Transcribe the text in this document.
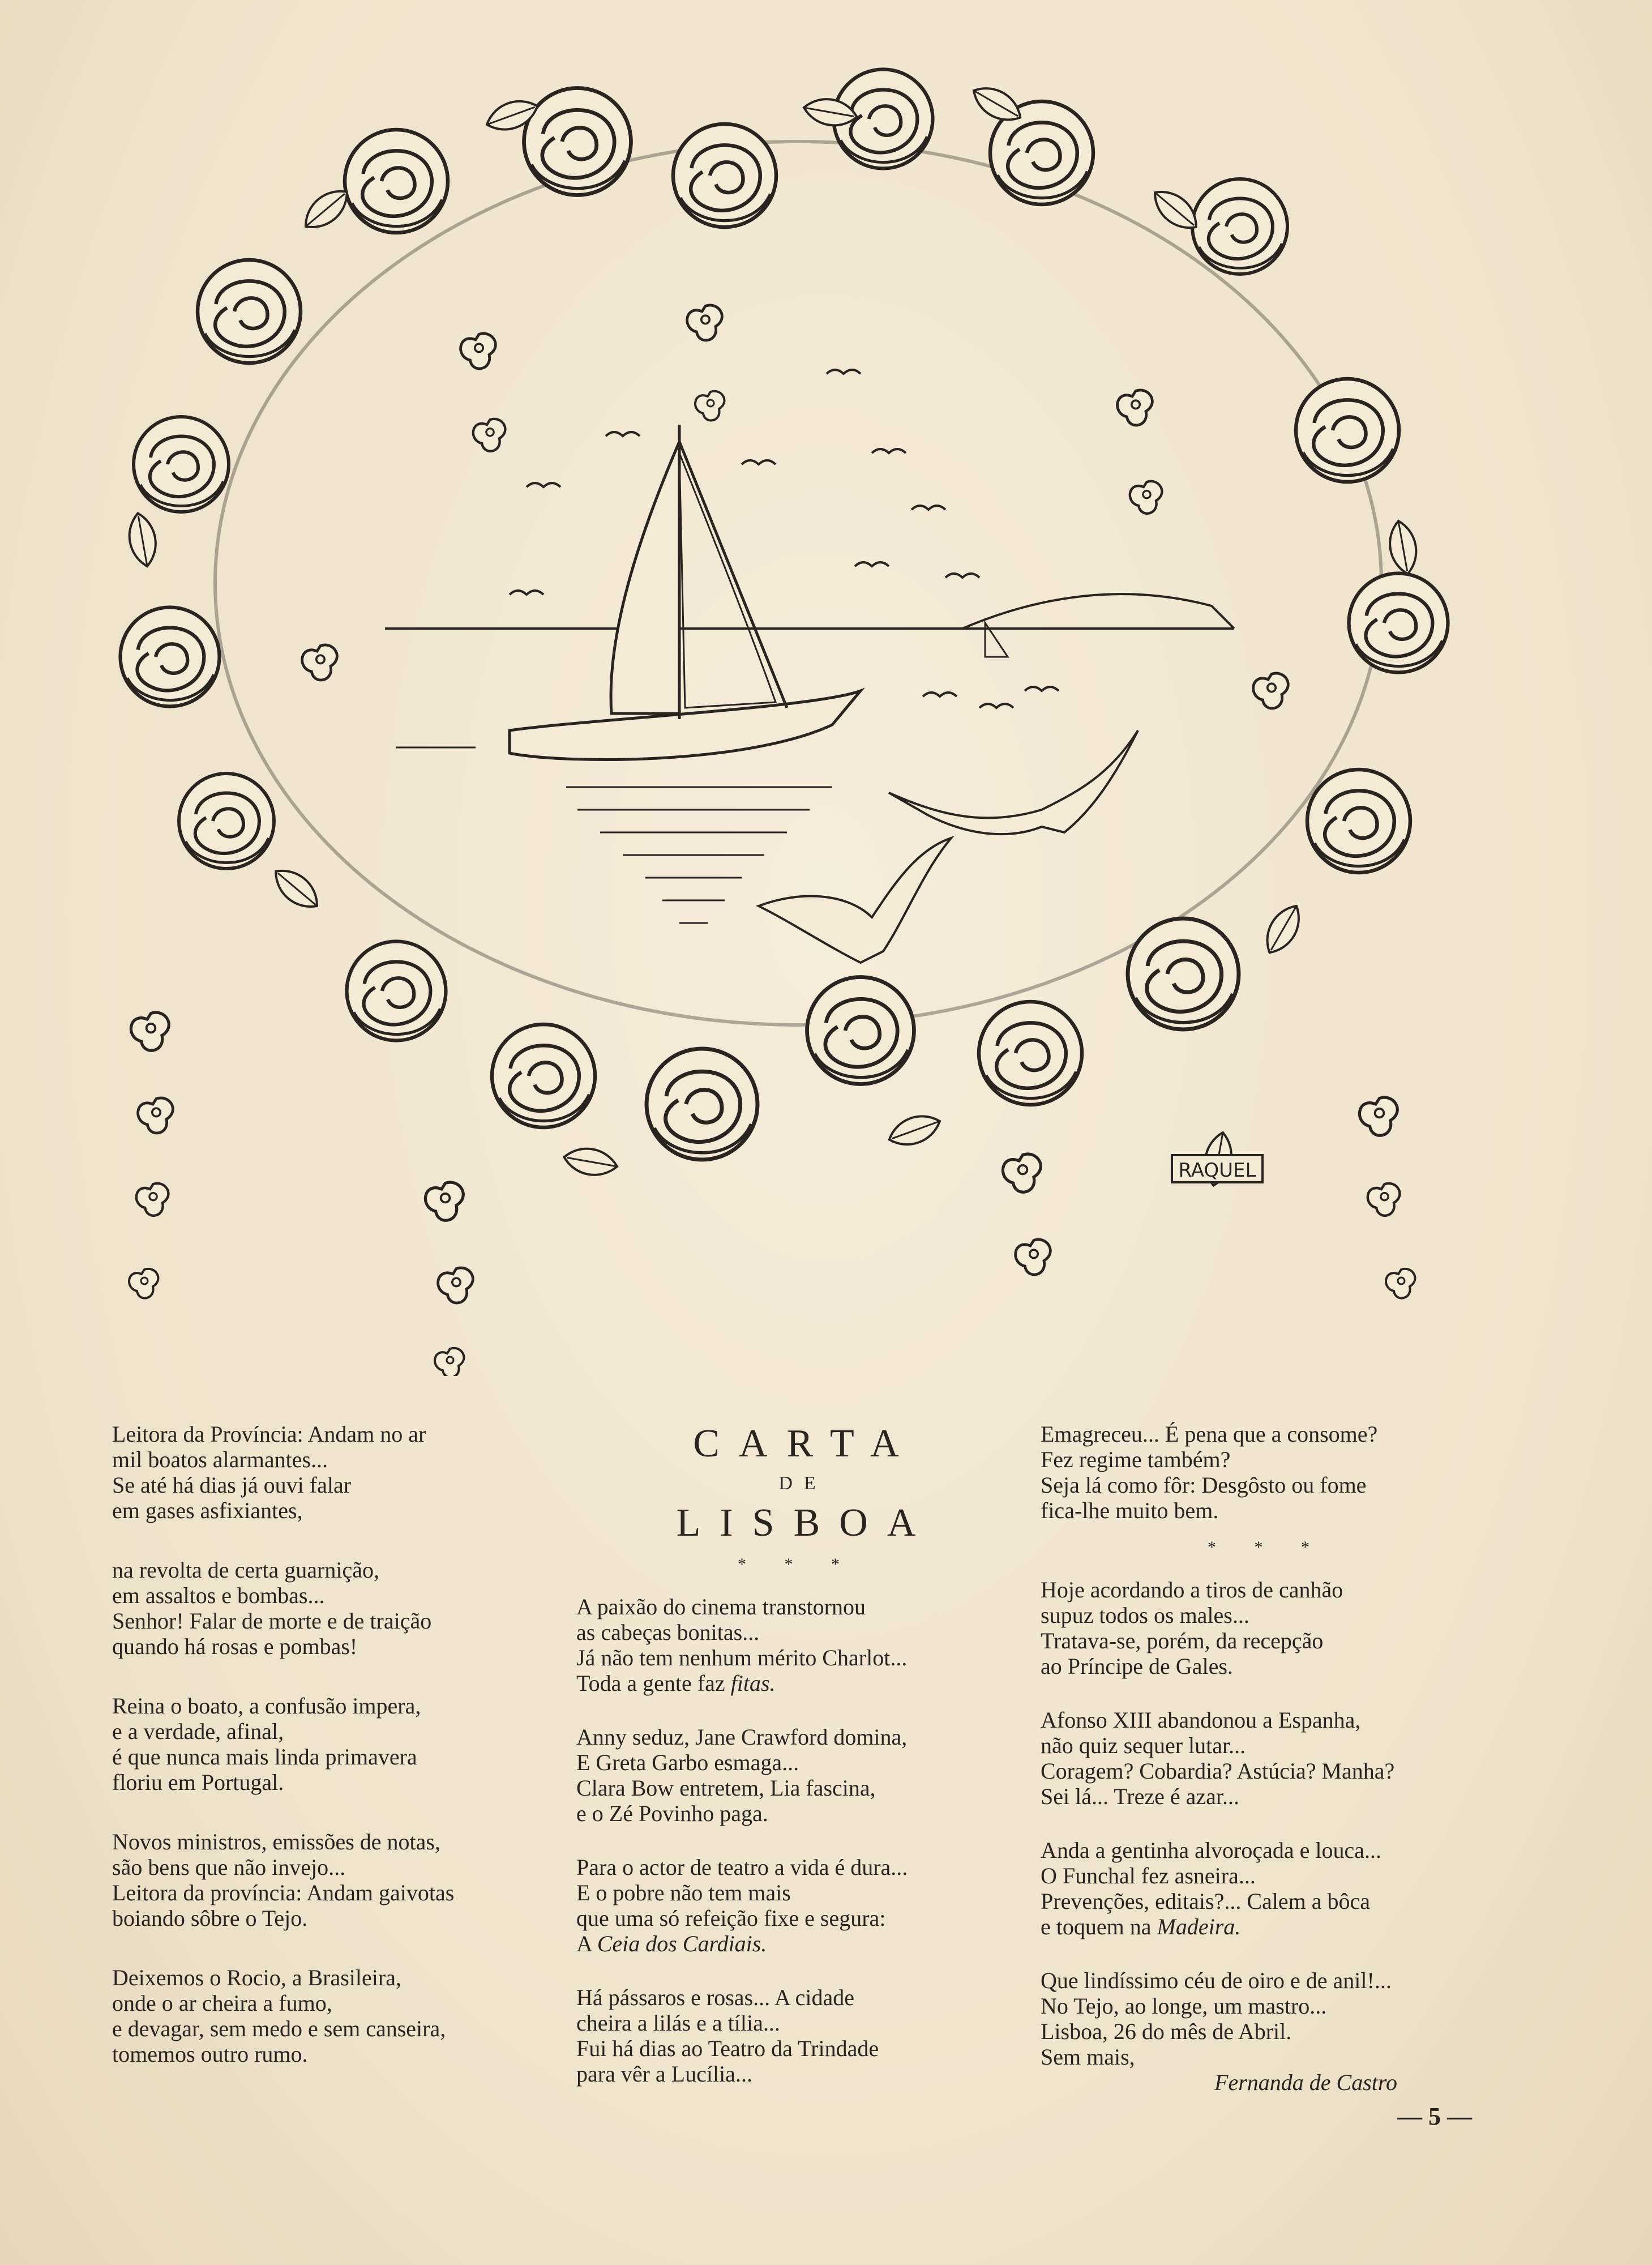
RAQUEL

Leitora da Província: Andam no ar
mil boatos alarmantes...
Se até há dias já ouvi falar
em gases asfixiantes,

na revolta de certa guarnição,
em assaltos e bombas...
Senhor! Falar de morte e de traição
quando há rosas e pombas!

Reina o boato, a confusão impera,
e a verdade, afinal,
é que nunca mais linda primavera
floriu em Portugal.

Novos ministros, emissões de notas,
são bens que não invejo...
Leitora da província: Andam gaivotas
boiando sôbre o Tejo.

Deixemos o Rocio, a Brasileira,
onde o ar cheira a fumo,
e devagar, sem medo e sem canseira,
tomemos outro rumo.

CARTA
DE
LISBOA
* * *

A paixão do cinema transtornou
as cabeças bonitas...
Já não tem nenhum mérito Charlot...
Toda a gente faz fitas.

Anny seduz, Jane Crawford domina,
E Greta Garbo esmaga...
Clara Bow entretem, Lia fascina,
e o Zé Povinho paga.

Para o actor de teatro a vida é dura...
E o pobre não tem mais
que uma só refeição fixe e segura:
A Ceia dos Cardiais.

Há pássaros e rosas... A cidade
cheira a lilás e a tília...
Fui há dias ao Teatro da Trindade
para vêr a Lucília...

Emagreceu... É pena que a consome?
Fez regime também?
Seja lá como fôr: Desgôsto ou fome
fica-lhe muito bem.

* * *

Hoje acordando a tiros de canhão
supuz todos os males...
Tratava-se, porém, da recepção
ao Príncipe de Gales.

Afonso XIII abandonou a Espanha,
não quiz sequer lutar...
Coragem? Cobardia? Astúcia? Manha?
Sei lá... Treze é azar...

Anda a gentinha alvoroçada e louca...
O Funchal fez asneira...
Prevenções, editais?... Calem a bôca
e toquem na Madeira.

Que lindíssimo céu de oiro e de anil!...
No Tejo, ao longe, um mastro...
Lisboa, 26 do mês de Abril.
Sem mais,
Fernanda de Castro

— 5 —
